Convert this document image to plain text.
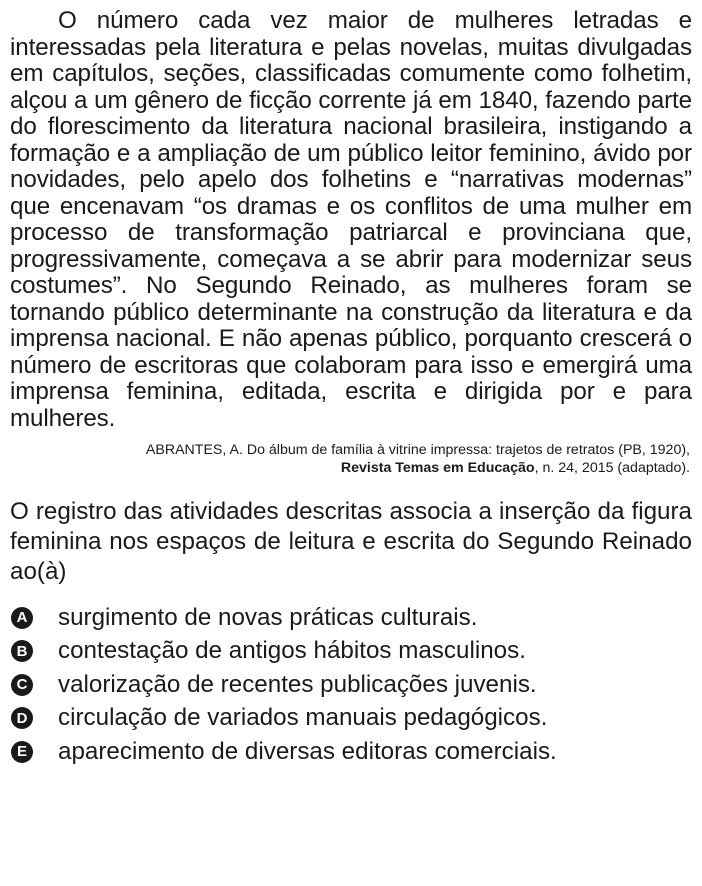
O número cada vez maior de mulheres letradas e interessadas pela literatura e pelas novelas, muitas divulgadas em capítulos, seções, classificadas comumente como folhetim, alçou a um gênero de ficção corrente já em 1840, fazendo parte do florescimento da literatura nacional brasileira, instigando a formação e a ampliação de um público leitor feminino, ávido por novidades, pelo apelo dos folhetins e “narrativas modernas” que encenavam “os dramas e os conflitos de uma mulher em processo de transformação patriarcal e provinciana que, progressivamente, começava a se abrir para modernizar seus costumes”. No Segundo Reinado, as mulheres foram se tornando público determinante na construção da literatura e da imprensa nacional. E não apenas público, porquanto crescerá o número de escritoras que colaboram para isso e emergirá uma imprensa feminina, editada, escrita e dirigida por e para mulheres.

ABRANTES, A. Do álbum de família à vitrine impressa: trajetos de retratos (PB, 1920),
Revista Temas em Educação, n. 24, 2015 (adaptado).
O registro das atividades descritas associa a inserção da figura feminina nos espaços de leitura e escrita do Segundo Reinado ao(à)
A surgimento de novas práticas culturais.
B contestação de antigos hábitos masculinos.
C valorização de recentes publicações juvenis.
D circulação de variados manuais pedagógicos.
E aparecimento de diversas editoras comerciais.
